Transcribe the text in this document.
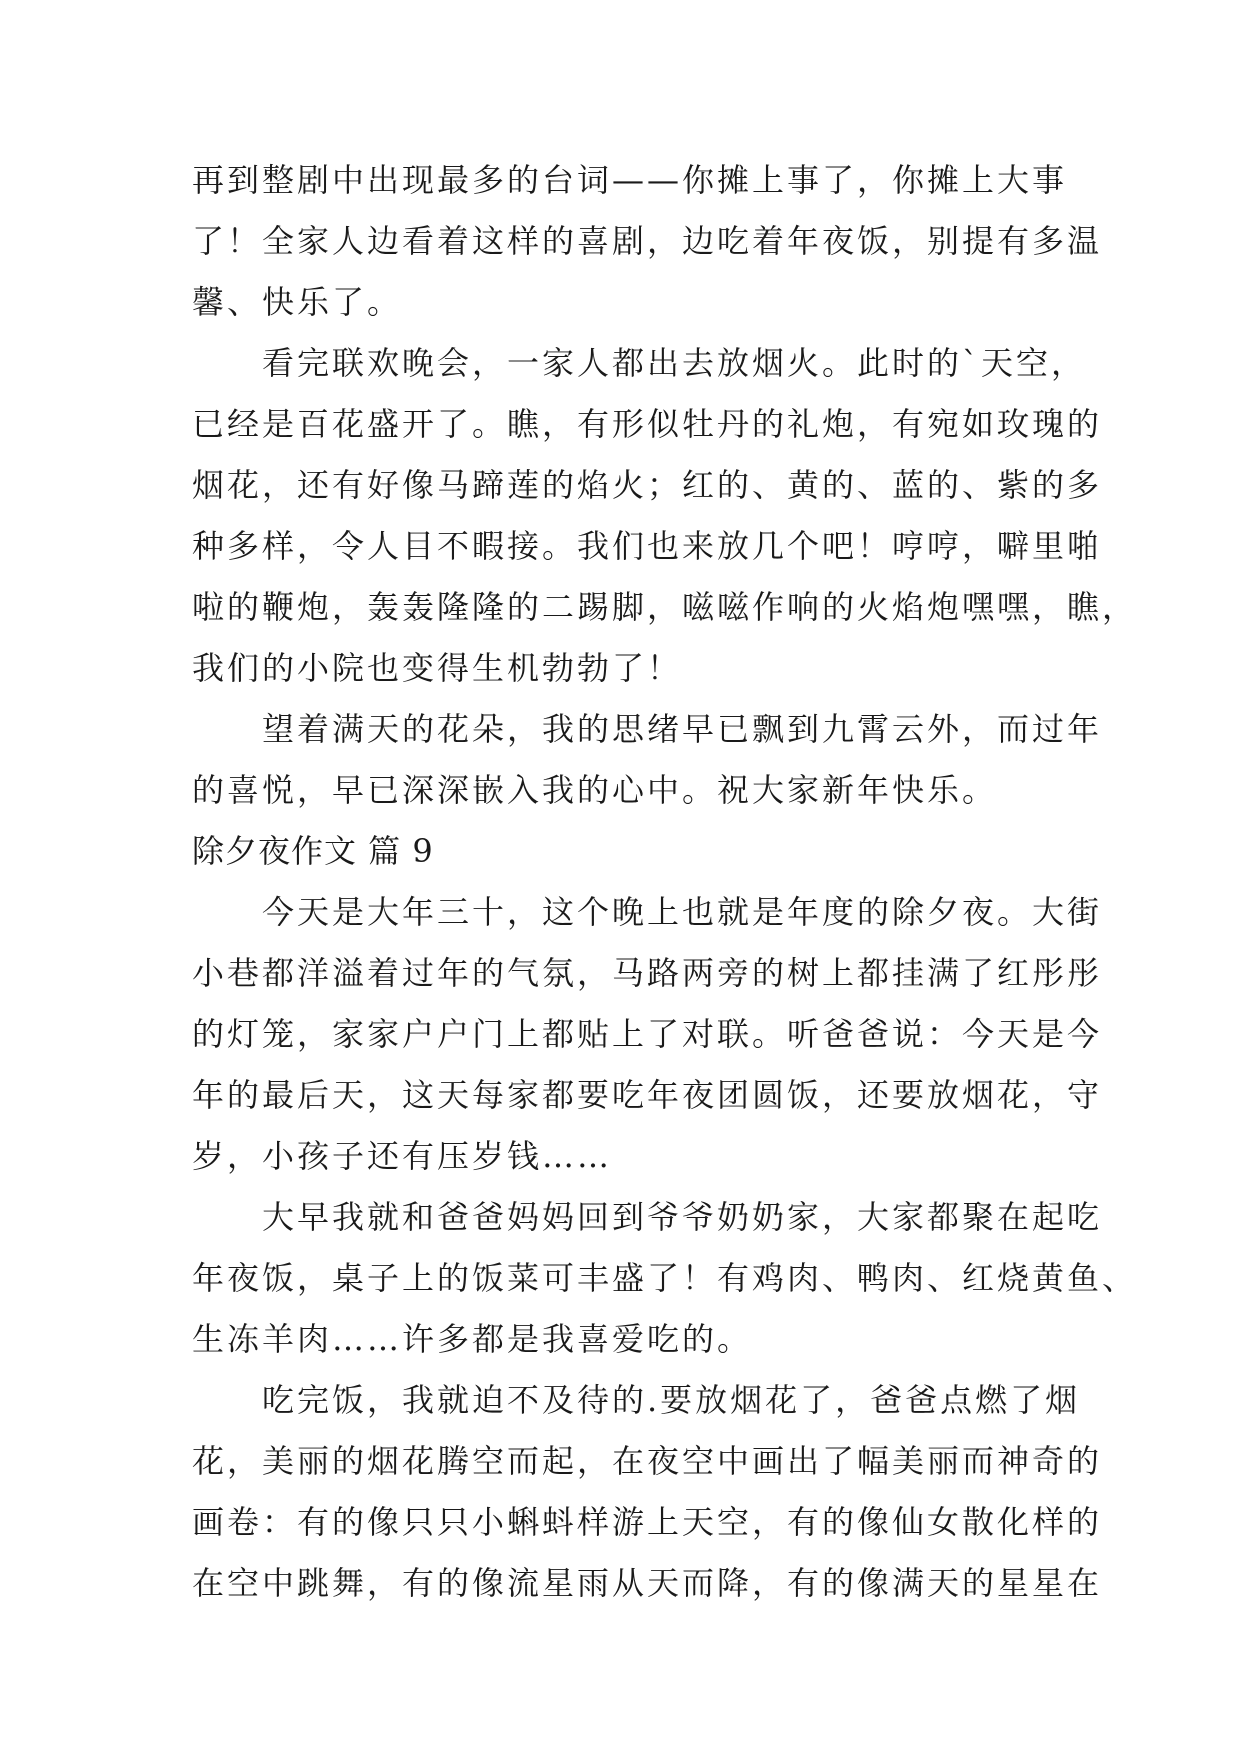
再到整剧中出现最多的台词——你摊上事了，你摊上大事
了！全家人边看着这样的喜剧，边吃着年夜饭，别提有多温
馨、快乐了。
　　看完联欢晚会，一家人都出去放烟火。此时的`天空，
已经是百花盛开了。瞧，有形似牡丹的礼炮，有宛如玫瑰的
烟花，还有好像马蹄莲的焰火；红的、黄的、蓝的、紫的多
种多样，令人目不暇接。我们也来放几个吧！哼哼，噼里啪
啦的鞭炮，轰轰隆隆的二踢脚，嗞嗞作响的火焰炮嘿嘿，瞧，
我们的小院也变得生机勃勃了！
　　望着满天的花朵，我的思绪早已飘到九霄云外，而过年
的喜悦，早已深深嵌入我的心中。祝大家新年快乐。
除夕夜作文 篇 9
　　今天是大年三十，这个晚上也就是年度的除夕夜。大街
小巷都洋溢着过年的气氛，马路两旁的树上都挂满了红彤彤
的灯笼，家家户户门上都贴上了对联。听爸爸说：今天是今
年的最后天，这天每家都要吃年夜团圆饭，还要放烟花，守
岁，小孩子还有压岁钱……
　　大早我就和爸爸妈妈回到爷爷奶奶家，大家都聚在起吃
年夜饭，桌子上的饭菜可丰盛了！有鸡肉、鸭肉、红烧黄鱼、
生冻羊肉……许多都是我喜爱吃的。
　　吃完饭，我就迫不及待的.要放烟花了，爸爸点燃了烟
花，美丽的烟花腾空而起，在夜空中画出了幅美丽而神奇的
画卷：有的像只只小蝌蚪样游上天空，有的像仙女散化样的
在空中跳舞，有的像流星雨从天而降，有的像满天的星星在
